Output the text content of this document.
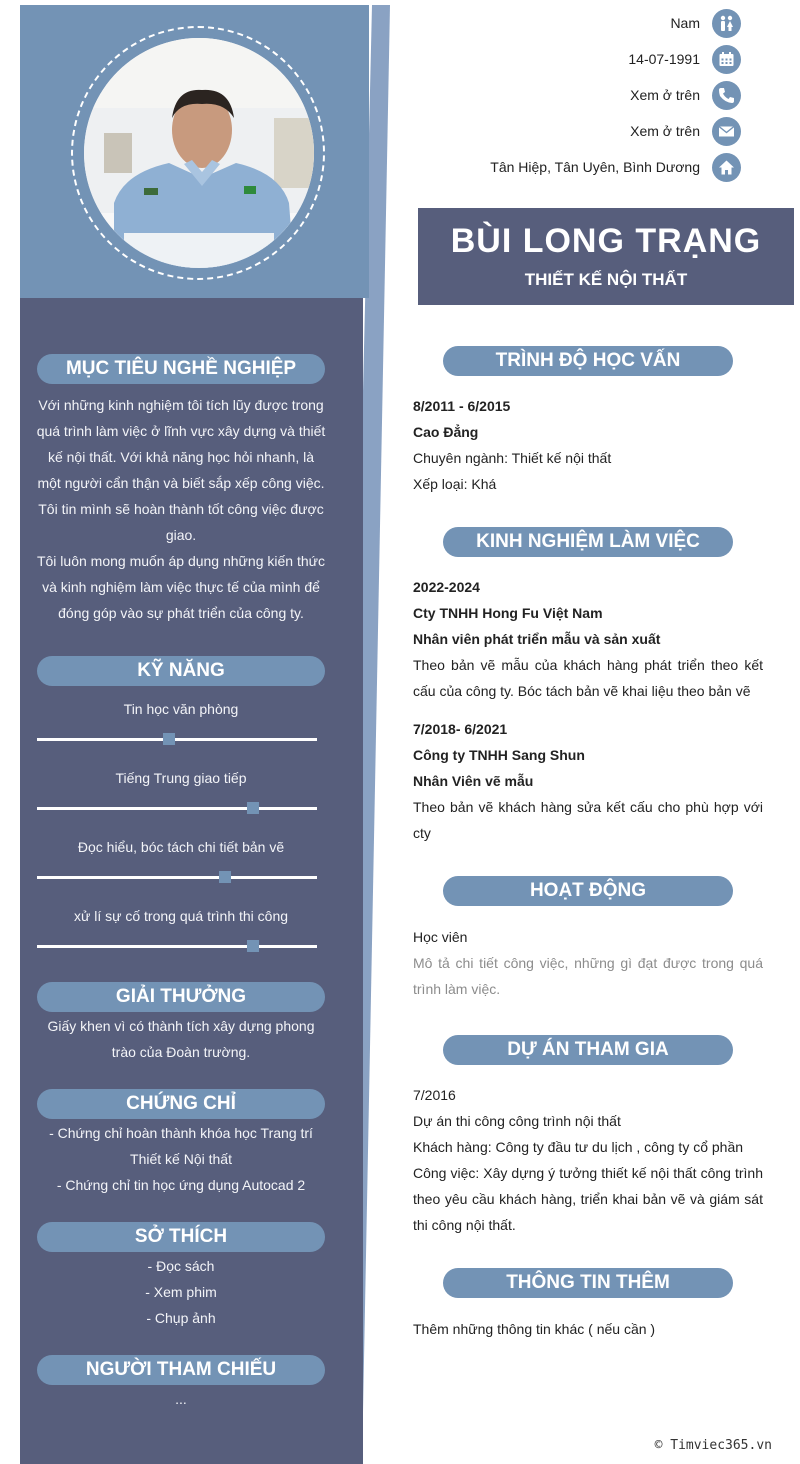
MỤC TIÊU NGHỀ NGHIỆP
Với những kinh nghiệm tôi tích lũy được trong
quá trình làm việc ở lĩnh vực xây dựng và thiết
kế nội thất. Với khả năng học hỏi nhanh, là
một người cẩn thận và biết sắp xếp công việc.
Tôi tin mình sẽ hoàn thành tốt công việc được
giao.
Tôi luôn mong muốn áp dụng những kiến thức
và kinh nghiệm làm việc thực tế của mình để
đóng góp vào sự phát triển của công ty.
KỸ NĂNG
Tin học văn phòng
Tiếng Trung giao tiếp
Đọc hiểu, bóc tách chi tiết bản vẽ
xử lí sự cố trong quá trình thi công
GIẢI THƯỞNG
Giấy khen vì có thành tích xây dựng phong
trào của Đoàn trường.
CHỨNG CHỈ
- Chứng chỉ hoàn thành khóa học Trang trí
Thiết kế Nội thất
- Chứng chỉ tin học ứng dụng Autocad 2
SỞ THÍCH
- Đọc sách
- Xem phim
- Chụp ảnh
NGƯỜI THAM CHIẾU
...
Nam
14-07-1991
Xem ở trên
Xem ở trên
Tân Hiệp, Tân Uyên, Bình Dương
BÙI LONG TRẠNG
THIẾT KẾ NỘI THẤT
TRÌNH ĐỘ HỌC VẤN
8/2011 - 6/2015
Cao Đẳng
Chuyên ngành: Thiết kế nội thất
Xếp loại: Khá
KINH NGHIỆM LÀM VIỆC
2022-2024
Cty TNHH Hong Fu Việt Nam
Nhân viên phát triển mẫu và sản xuất
Theo bản vẽ mẫu của khách hàng phát triển theo kết cấu của công ty. Bóc tách bản vẽ khai liệu theo bản vẽ
7/2018- 6/2021
Công ty TNHH Sang Shun
Nhân Viên vẽ mẫu
Theo bản vẽ khách hàng sửa kết cấu cho phù hợp với cty
HOẠT ĐỘNG
Học viên
Mô tả chi tiết công việc, những gì đạt được trong quá trình làm việc.
DỰ ÁN THAM GIA
7/2016
Dự án thi công công trình nội thất
Khách hàng: Công ty đầu tư du lịch , công ty cổ phần
Công việc: Xây dựng ý tưởng thiết kế nội thất công trình theo yêu cầu khách hàng, triển khai bản vẽ và giám sát thi công nội thất.
THÔNG TIN THÊM
Thêm những thông tin khác ( nếu cần )
© Timviec365.vn
